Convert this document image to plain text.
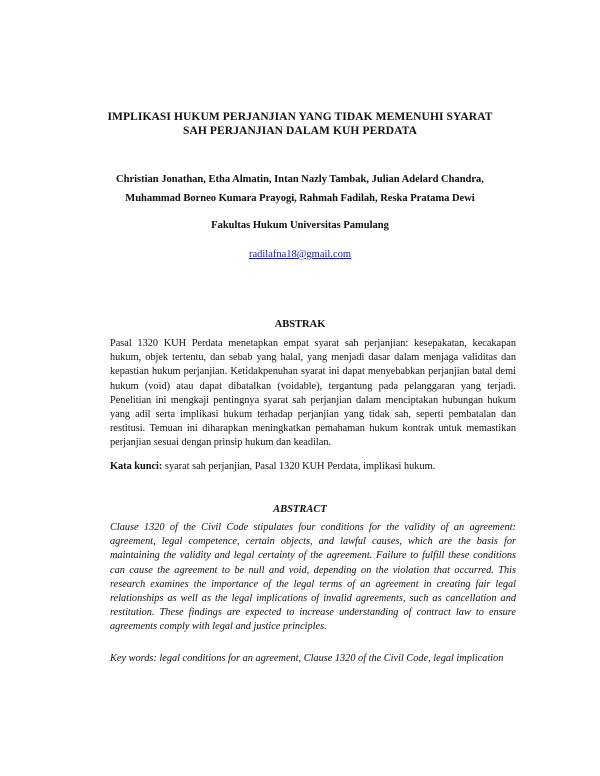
IMPLIKASI HUKUM PERJANJIAN YANG TIDAK MEMENUHI SYARAT
SAH PERJANJIAN DALAM KUH PERDATA
Christian Jonathan, Etha Almatin, Intan Nazly Tambak, Julian Adelard Chandra,
Muhammad Borneo Kumara Prayogi, Rahmah Fadilah, Reska Pratama Dewi
Fakultas Hukum Universitas Pamulang
radilafna18@gmail.com
ABSTRAK

Pasal 1320 KUH Perdata menetapkan empat syarat sah perjanjian: kesepakatan, kecakapan hukum, objek tertentu, dan sebab yang halal, yang menjadi dasar dalam menjaga validitas dan kepastian hukum perjanjian. Ketidakpenuhan syarat ini dapat menyebabkan perjanjian batal demi hukum (void) atau dapat dibatalkan (voidable), tergantung pada pelanggaran yang terjadi. Penelitian ini mengkaji pentingnya syarat sah perjanjian dalam menciptakan hubungan hukum yang adil serta implikasi hukum terhadap perjanjian yang tidak sah, seperti pembatalan dan restitusi. Temuan ini diharapkan meningkatkan pemahaman hukum kontrak untuk memastikan perjanjian sesuai dengan prinsip hukum dan keadilan.

Kata kunci: syarat sah perjanjian, Pasal 1320 KUH Perdata, implikasi hukum.

ABSTRACT

Clause 1320 of the Civil Code stipulates four conditions for the validity of an agreement: agreement, legal competence, certain objects, and lawful causes, which are the basis for maintaining the validity and legal certainty of the agreement. Failure to fulfill these conditions can cause the agreement to be null and void, depending on the violation that occurred. This research examines the importance of the legal terms of an agreement in creating fair legal relationships as well as the legal implications of invalid agreements, such as cancellation and restitution. These findings are expected to increase understanding of contract law to ensure agreements comply with legal and justice principles.

Key words: legal conditions for an agreement, Clause 1320 of the Civil Code, legal implication
